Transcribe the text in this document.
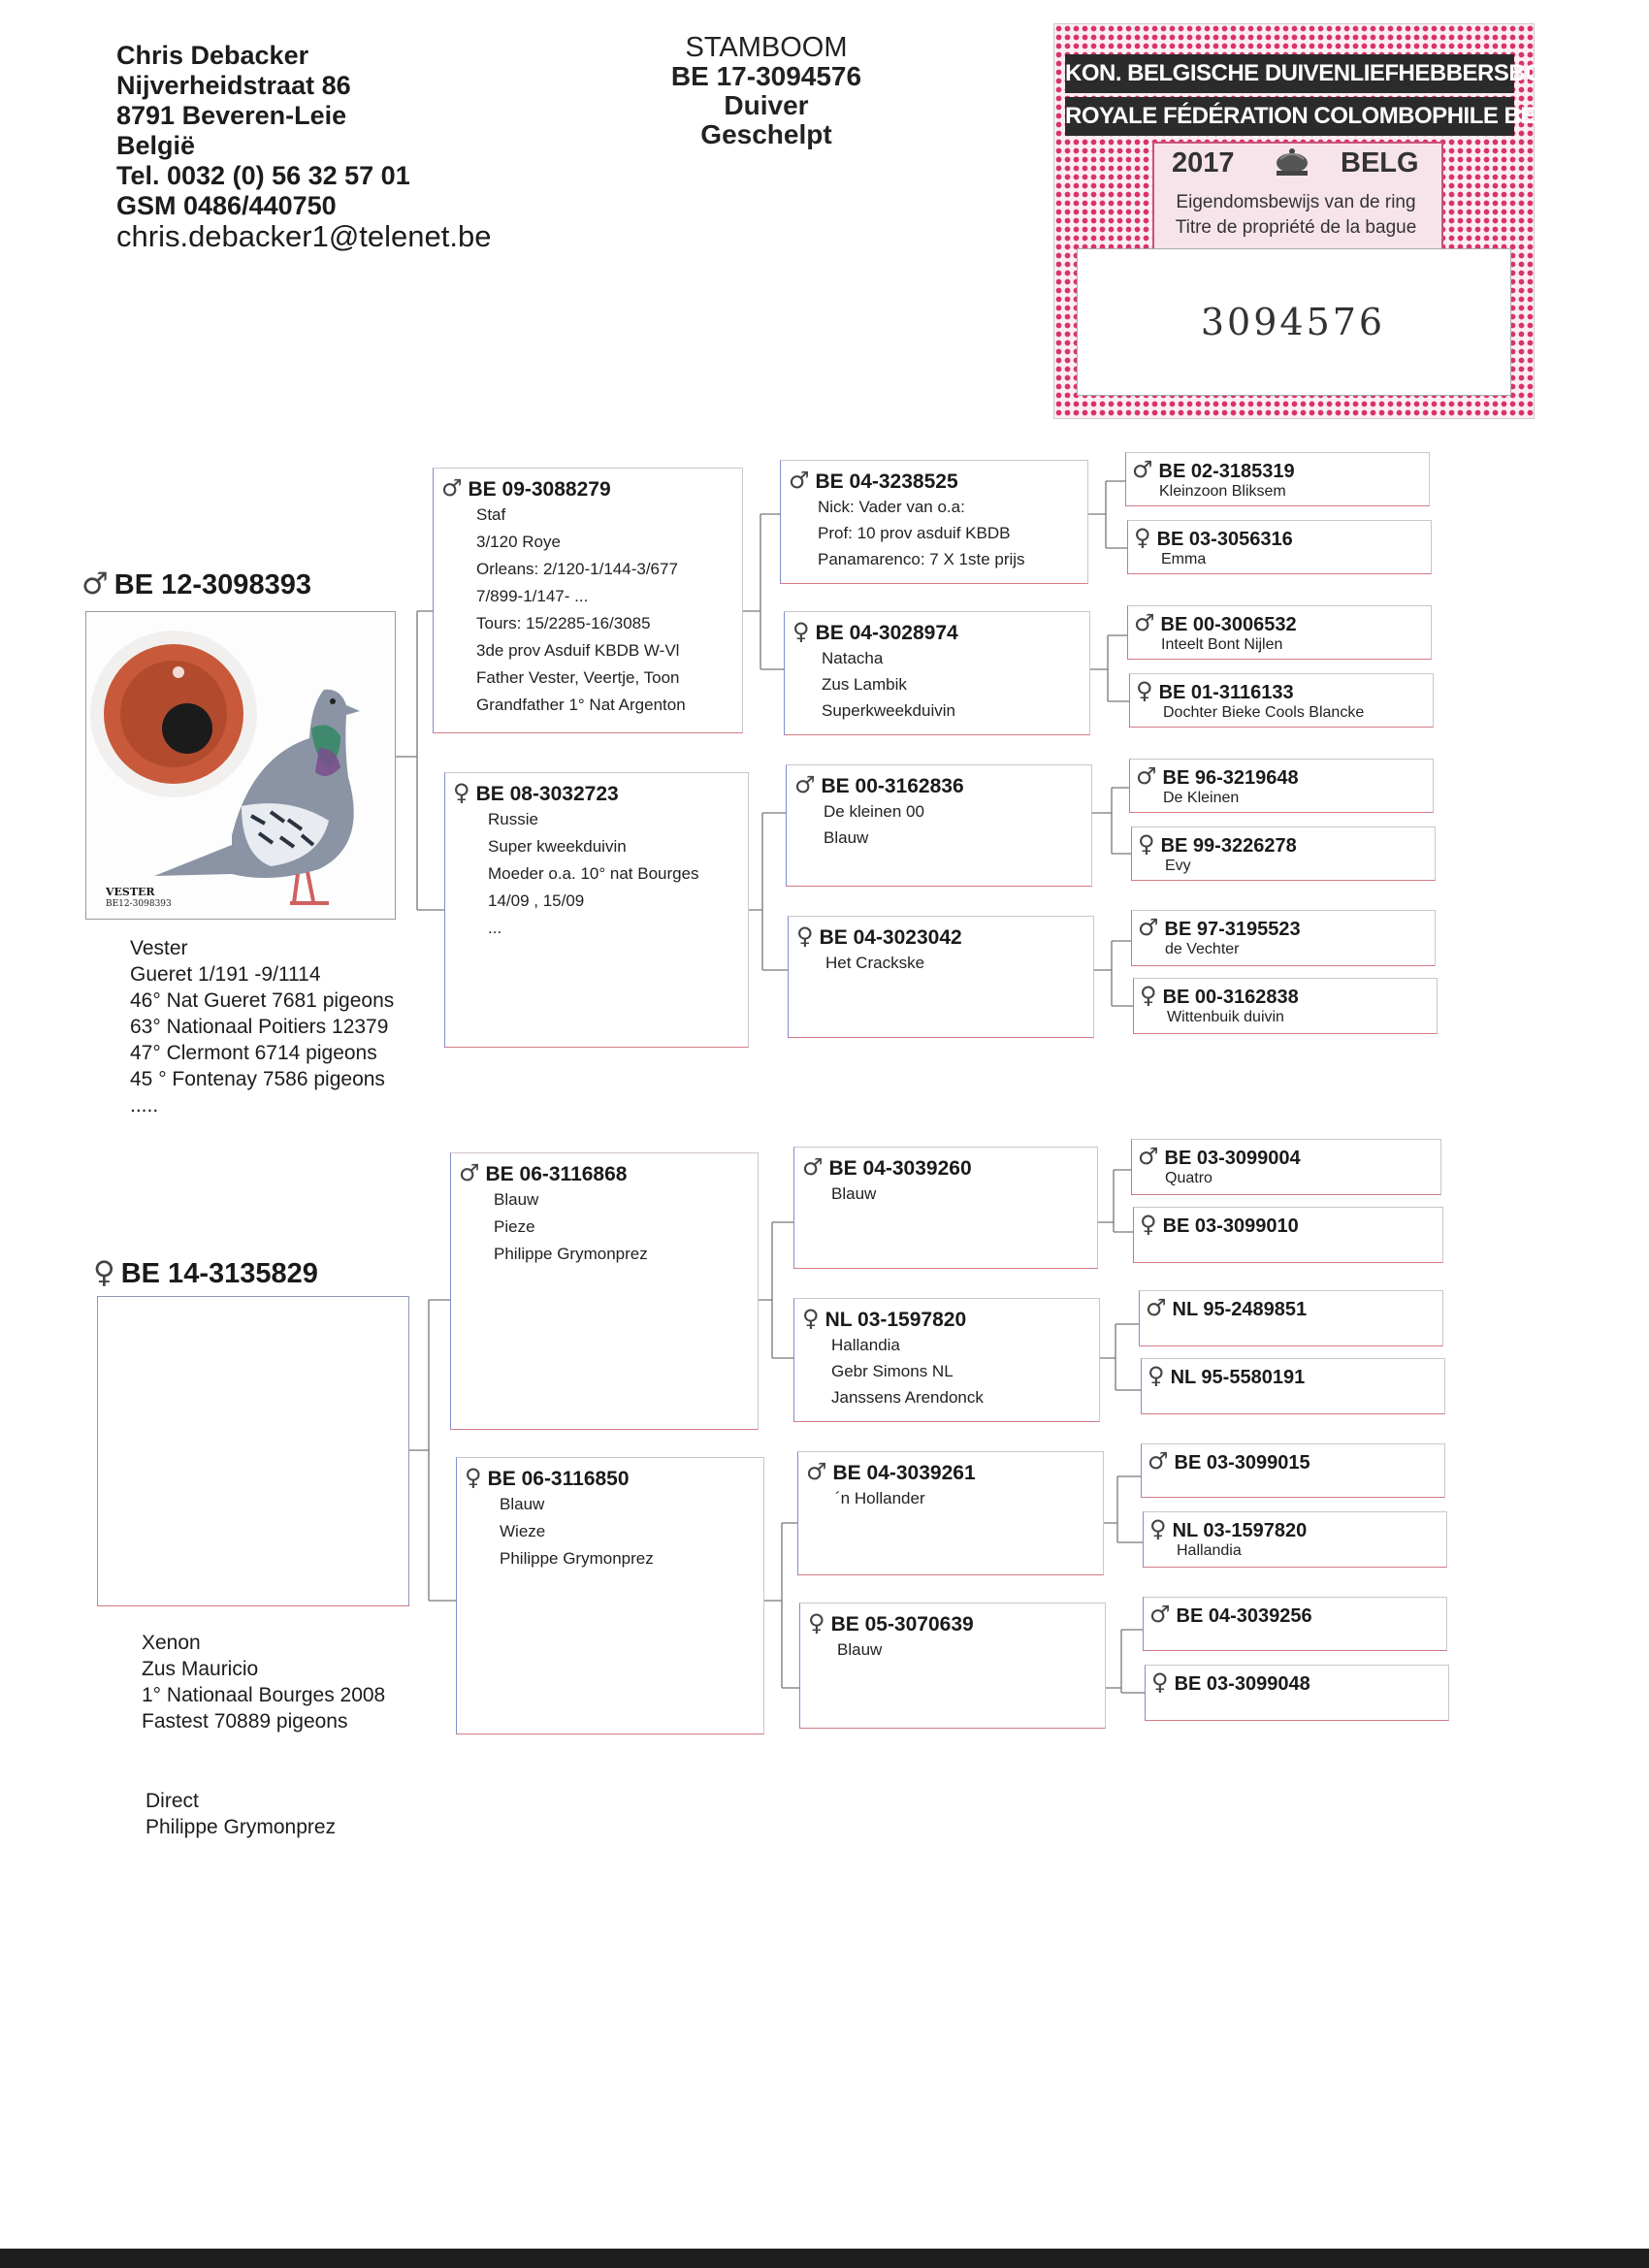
Chris Debacker
Nijverheidstraat 86
8791 Beveren-Leie
België
Tel. 0032 (0) 56 32 57 01
GSM 0486/440750
chris.debacker1@telenet.be
STAMBOOM
BE 17-3094576
Duiver
Geschelpt
KON. BELGISCHE DUIVENLIEFHEBBERSBOND
ROYALE FÉDÉRATION COLOMBOPHILE BELGE
2017	BELG
Eigendomsbewijs van de ring
Titre de propriété de la bague
3094576
♂ BE 12-3098393
VESTER
BE12-3098393
Vester
Gueret 1/191 -9/1114
46° Nat Gueret 7681 pigeons
63° Nationaal Poitiers 12379
47° Clermont 6714 pigeons
45 ° Fontenay 7586 pigeons
.....
♀ BE 14-3135829
Xenon
Zus Mauricio
1° Nationaal Bourges 2008
Fastest 70889 pigeons
Direct
Philippe Grymonprez
♂ BE 09-3088279
Staf
3/120 Roye
Orleans: 2/120-1/144-3/677
7/899-1/147- ...
Tours: 15/2285-16/3085
3de prov Asduif KBDB W-Vl
Father Vester, Veertje, Toon
Grandfather 1° Nat Argenton
♀ BE 08-3032723
Russie
Super kweekduivin
Moeder o.a. 10° nat Bourges
14/09 , 15/09
...
♂ BE 06-3116868
Blauw
Pieze
Philippe Grymonprez
♀ BE 06-3116850
Blauw
Wieze
Philippe Grymonprez
♂ BE 04-3238525
Nick: Vader van o.a:
Prof: 10 prov asduif KBDB
Panamarenco: 7 X 1ste prijs
♀ BE 04-3028974
Natacha
Zus Lambik
Superkweekduivin
♂ BE 00-3162836
De kleinen 00
Blauw
♀ BE 04-3023042
Het Crackske
♂ BE 04-3039260
Blauw
♀ NL 03-1597820
Hallandia
Gebr Simons NL
Janssens Arendonck
♂ BE 04-3039261
´n Hollander
♀ BE 05-3070639
Blauw
♂ BE 02-3185319
Kleinzoon Bliksem
♀ BE 03-3056316
Emma
♂ BE 00-3006532
Inteelt Bont Nijlen
♀ BE 01-3116133
Dochter Bieke Cools Blancke
♂ BE 96-3219648
De Kleinen
♀ BE 99-3226278
Evy
♂ BE 97-3195523
de Vechter
♀ BE 00-3162838
Wittenbuik duivin
♂ BE 03-3099004
Quatro
♀ BE 03-3099010
♂ NL 95-2489851
♀ NL 95-5580191
♂ BE 03-3099015
♀ NL 03-1597820
Hallandia
♂ BE 04-3039256
♀ BE 03-3099048
